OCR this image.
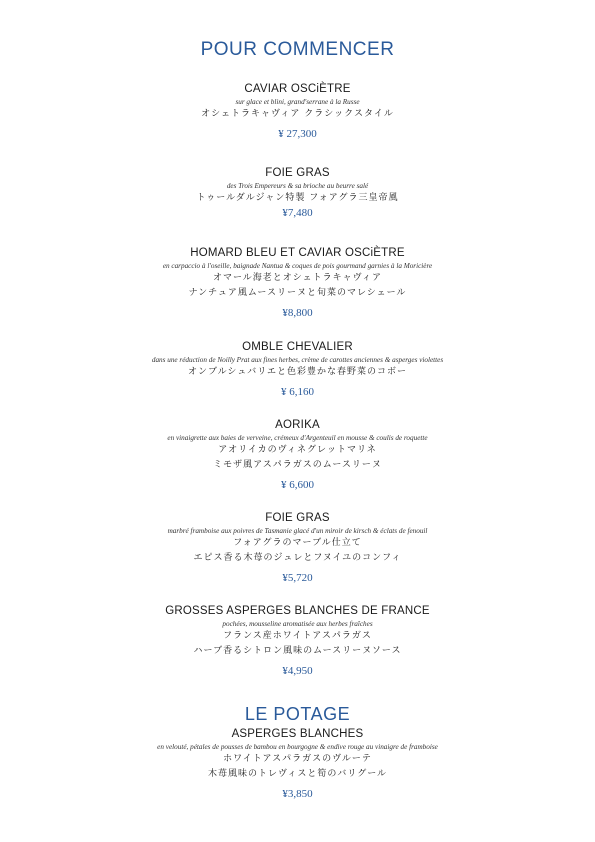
POUR COMMENCER
CAVIAR OSCiÈTRE
sur glace et blini, grand'serrane à la Russe
オシェトラキャヴィア クラシックスタイル
¥ 27,300
FOIE GRAS
des Trois Empereurs & sa brioche au beurre salé
トゥールダルジャン特製 フォアグラ三皇帝風
¥7,480
HOMARD BLEU ET CAVIAR OSCiÈTRE
en carpaccio à l'oseille, baignade Nantua & coques de pois gourmand garnies à la Moricière
オマール海老とオシェトラキャヴィア
ナンチュア風ムースリーヌと旬菜のマレシェール
¥8,800
OMBLE CHEVALIER
dans une réduction de Noilly Prat aux fines herbes, crème de carottes anciennes & asperges violettes
オンブルシュバリエと色彩豊かな春野菜のコボー
¥ 6,160
AORIKA
en vinaigrette aux baies de verveine, crémeux d'Argenteuil en mousse & coulis de roquette
アオリイカのヴィネグレットマリネ
ミモザ風アスパラガスのムースリーヌ
¥ 6,600
FOIE GRAS
marbré framboise aux poivres de Tasmanie glacé d'un miroir de kirsch & éclats de fenouil
フォアグラのマーブル仕立て
エピス香る木苺のジュレとフヌイユのコンフィ
¥5,720
GROSSES ASPERGES BLANCHES DE FRANCE
pochées, mousseline aromatisée aux herbes fraîches
フランス産ホワイトアスパラガス
ハーブ香るシトロン風味のムースリーヌソース
¥4,950
LE POTAGE
ASPERGES BLANCHES
en velouté, pétales de pousses de bambou en bourgogne & endive rouge au vinaigre de framboise
ホワイトアスパラガスのヴルーテ
木苺風味のトレヴィスと筍のバリグール
¥3,850
